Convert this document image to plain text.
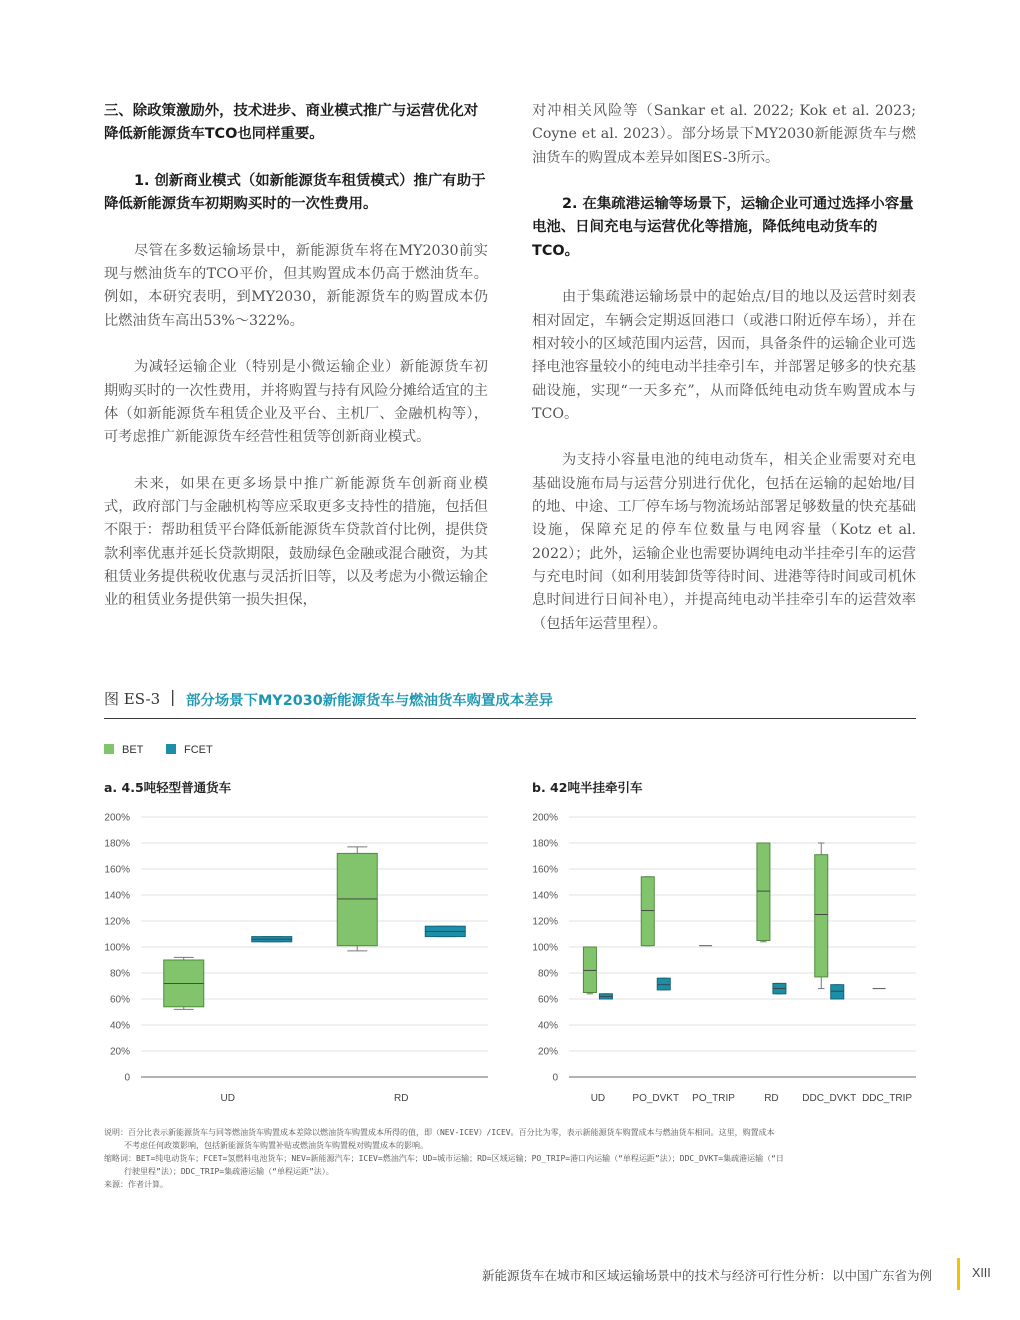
三、除政策激励外，技术进步、商业模式推广与运营优化对降低新能源货车TCO也同样重要。

1. 创新商业模式（如新能源货车租赁模式）推广有助于降低新能源货车初期购买时的一次性费用。

尽管在多数运输场景中，新能源货车将在MY2030前实现与燃油货车的TCO平价，但其购置成本仍高于燃油货车。例如，本研究表明，到MY2030，新能源货车的购置成本仍比燃油货车高出53%～322%。

为减轻运输企业（特别是小微运输企业）新能源货车初期购买时的一次性费用，并将购置与持有风险分摊给适宜的主体（如新能源货车租赁企业及平台、主机厂、金融机构等），可考虑推广新能源货车经营性租赁等创新商业模式。

未来，如果在更多场景中推广新能源货车创新商业模式，政府部门与金融机构等应采取更多支持性的措施，包括但不限于：帮助租赁平台降低新能源货车贷款首付比例，提供贷款利率优惠并延长贷款期限，鼓励绿色金融或混合融资，为其租赁业务提供税收优惠与灵活折旧等，以及考虑为小微运输企业的租赁业务提供第一损失担保，

对冲相关风险等（Sankar et al. 2022; Kok et al. 2023; Coyne et al. 2023）。部分场景下MY2030新能源货车与燃油货车的购置成本差异如图ES-3所示。

2. 在集疏港运输等场景下，运输企业可通过选择小容量电池、日间充电与运营优化等措施，降低纯电动货车的TCO。

由于集疏港运输场景中的起始点/目的地以及运营时刻表相对固定，车辆会定期返回港口（或港口附近停车场），并在相对较小的区域范围内运营，因而，具备条件的运输企业可选择电池容量较小的纯电动半挂牵引车，并部署足够多的快充基础设施，实现“一天多充”，从而降低纯电动货车购置成本与TCO。

为支持小容量电池的纯电动货车，相关企业需要对充电基础设施布局与运营分别进行优化，包括在运输的起始地/目的地、中途、工厂停车场与物流场站部署足够数量的快充基础设施，保障充足的停车位数量与电网容量（Kotz et al. 2022）；此外，运输企业也需要协调纯电动半挂牵引车的运营与充电时间（如利用装卸货等待时间、进港等待时间或司机休息时间进行日间补电），并提高纯电动半挂牵引车的运营效率（包括年运营里程）。

图 ES-3 | 部分场景下MY2030新能源货车与燃油货车购置成本差异
BET	FCET
a. 4.5吨轻型普通货车	b. 42吨半挂牵引车
0
20%
40%
60%
80%
100%
120%
140%
160%
180%
200%
UD	RD
0
20%
40%
60%
80%
100%
120%
140%
160%
180%
200%
UD	PO_DVKT PO_TRIP	RD DDC_DVKT DDC_TRIP

说明：百分比表示新能源货车与同等燃油货车购置成本差除以燃油货车购置成本所得的值，即（NEV-ICEV）/ICEV。百分比为零，表示新能源货车购置成本与燃油货车相同。这里，购置成本

不考虑任何政策影响，包括新能源货车购置补贴或燃油货车购置税对购置成本的影响。

缩略词：BET=纯电动货车；FCET=氢燃料电池货车；NEV=新能源汽车；ICEV=燃油汽车；UD=城市运输；RD=区域运输；PO_TRIP=港口内运输（“单程运距”法）；DDC_DVKT=集疏港运输（“日

行驶里程”法）；DDC_TRIP=集疏港运输（“单程运距”法）。

来源：作者计算。

新能源货车在城市和区域运输场景中的技术与经济可行性分析：以中国广东省为例	XIII
